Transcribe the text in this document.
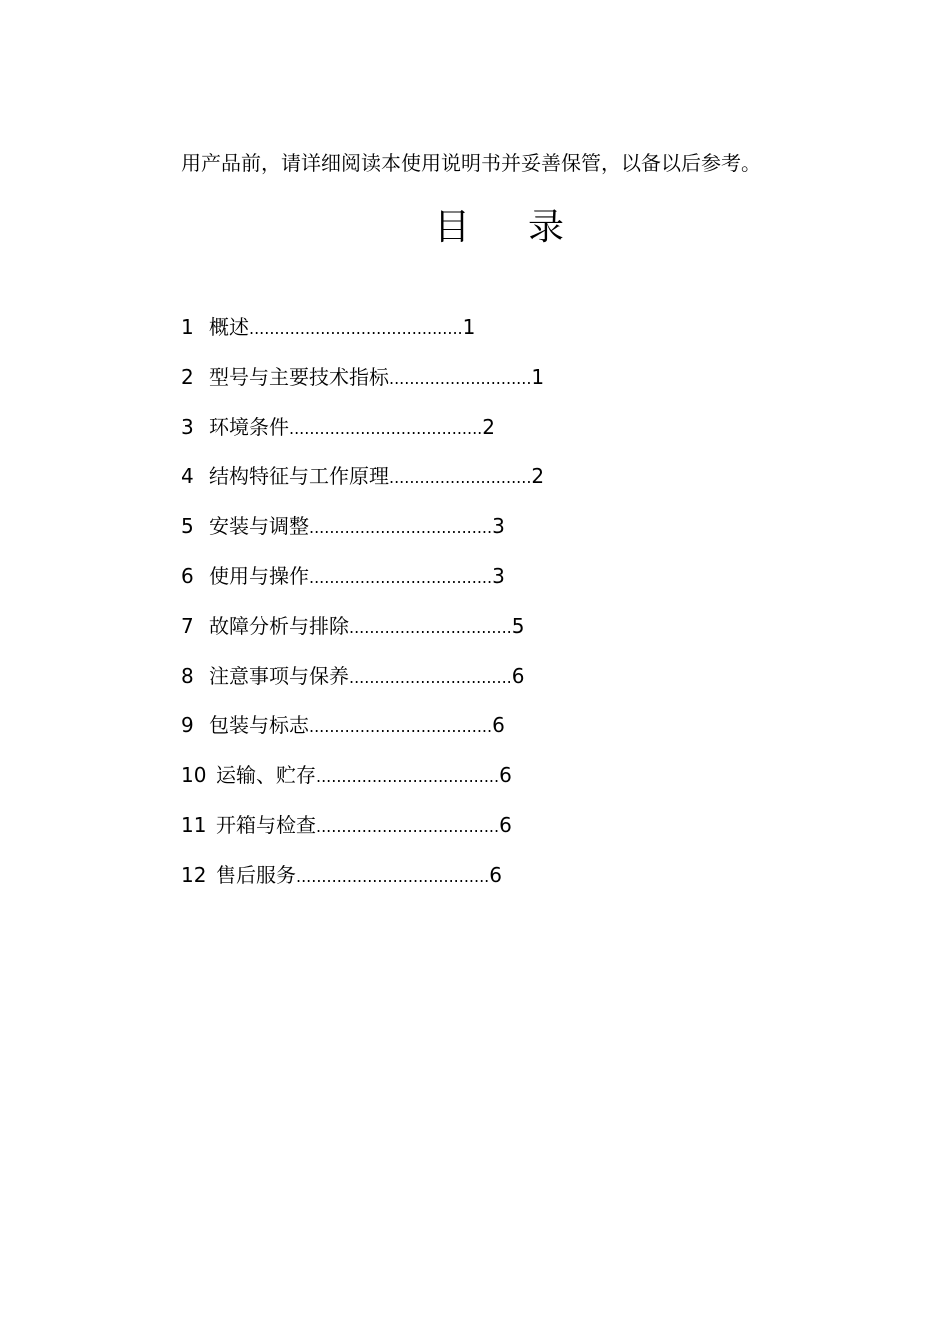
用产品前，请详细阅读本使用说明书并妥善保管，以备以后参考。
目 录
1 概述..........................................1
2 型号与主要技术指标............................1
3 环境条件......................................2
4 结构特征与工作原理............................2
5 安装与调整....................................3
6 使用与操作....................................3
7 故障分析与排除................................5
8 注意事项与保养................................6
9 包装与标志....................................6
10 运输、贮存....................................6
11 开箱与检查....................................6
12 售后服务......................................6
